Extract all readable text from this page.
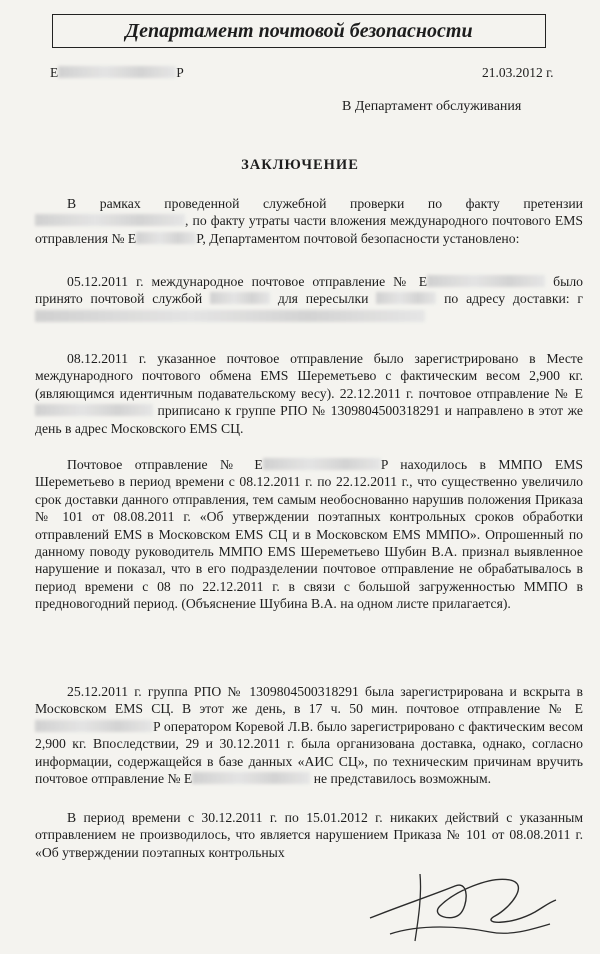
Департамент почтовой безопасности
E	P	21.03.2012 г.
В Департамент обслуживания
ЗАКЛЮЧЕНИЕ

В рамках проведенной служебной проверки по факту претензии , по факту утраты части вложения международного почтового EMS отправления № E	P, Департаментом почтовой безопасности установлено:

05.12.2011 г. международное почтовое отправление № E	было принято почтовой службой	для пересылки	по адресу доставки: г

08.12.2011 г. указанное почтовое отправление было зарегистрировано в Месте международного почтового обмена EMS Шереметьево с фактическим весом 2,900 кг. (являющимся идентичным подавательскому весу). 22.12.2011 г. почтовое отправление № E приписано к группе РПО № 1309804500318291 и направлено в этот же день в адрес Московского EMS СЦ.

Почтовое отправление № E	P находилось в ММПО EMS Шереметьево в период времени с 08.12.2011 г. по 22.12.2011 г., что существенно увеличило срок доставки данного отправления, тем самым необоснованно нарушив положения Приказа № 101 от 08.08.2011 г. «Об утверждении поэтапных контрольных сроков обработки отправлений EMS в Московском EMS СЦ и в Московском EMS ММПО». Опрошенный по данному поводу руководитель ММПО EMS Шереметьево Шубин В.А. признал выявленное нарушение и показал, что в его подразделении почтовое отправление не обрабатывалось в период времени с 08 по 22.12.2011 г. в связи с большой загруженностью ММПО в предновогодний период. (Объяснение Шубина В.А. на одном листе прилагается).

25.12.2011 г. группа РПО № 1309804500318291 была зарегистрирована и вскрыта в Московском EMS СЦ. В этот же день, в 17 ч. 50 мин. почтовое отправление № EP оператором Коревой Л.В. было зарегистрировано с фактическим весом 2,900 кг. Впоследствии, 29 и 30.12.2011 г. была организована доставка, однако, согласно информации, содержащейся в базе данных «АИС СЦ», по техническим причинам вручить почтовое отправление № E	не представилось возможным.

В период времени с 30.12.2011 г. по 15.01.2012 г. никаких действий с указанным отправлением не производилось, что является нарушением Приказа № 101 от 08.08.2011 г. «Об утверждении поэтапных контрольных
